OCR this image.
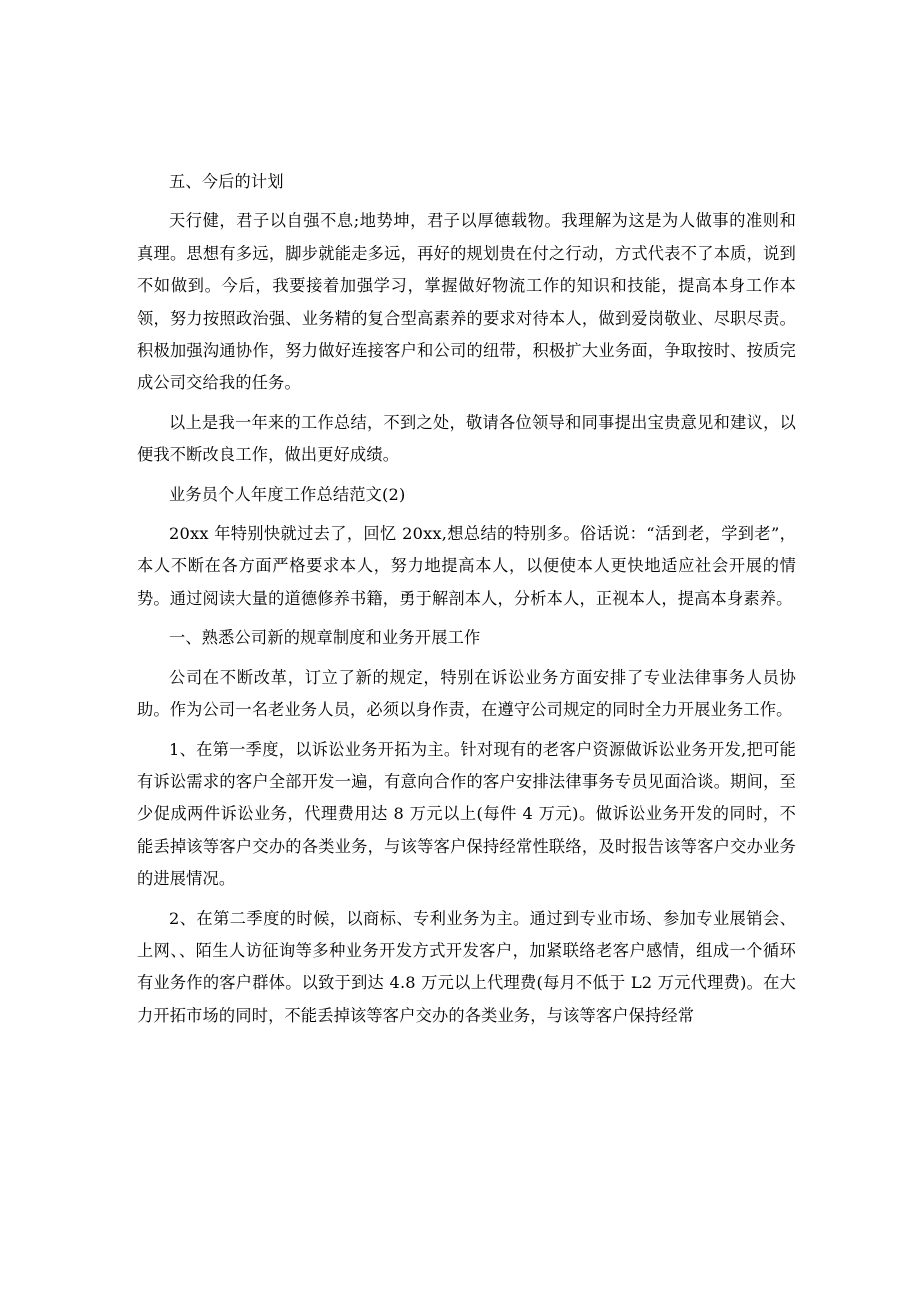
五、今后的计划

天行健，君子以自强不息;地势坤，君子以厚德载物。我理解为这是为人做事的准则和真理。思想有多远，脚步就能走多远，再好的规划贵在付之行动，方式代表不了本质，说到不如做到。今后，我要接着加强学习，掌握做好物流工作的知识和技能，提高本身工作本领，努力按照政治强、业务精的复合型高素养的要求对待本人，做到爱岗敬业、尽职尽责。积极加强沟通协作，努力做好连接客户和公司的纽带，积极扩大业务面，争取按时、按质完成公司交给我的任务。

以上是我一年来的工作总结，不到之处，敬请各位领导和同事提出宝贵意见和建议，以便我不断改良工作，做出更好成绩。

业务员个人年度工作总结范文(2)

20xx 年特别快就过去了，回忆 20xx,想总结的特别多。俗话说：“活到老，学到老”，本人不断在各方面严格要求本人，努力地提高本人，以便使本人更快地适应社会开展的情势。通过阅读大量的道德修养书籍，勇于解剖本人，分析本人，正视本人，提高本身素养。

一、熟悉公司新的规章制度和业务开展工作

公司在不断改革，订立了新的规定，特别在诉讼业务方面安排了专业法律事务人员协助。作为公司一名老业务人员，必须以身作责，在遵守公司规定的同时全力开展业务工作。

1、在第一季度，以诉讼业务开拓为主。针对现有的老客户资源做诉讼业务开发,把可能有诉讼需求的客户全部开发一遍，有意向合作的客户安排法律事务专员见面洽谈。期间，至少促成两件诉讼业务，代理费用达 8 万元以上(每件 4 万元)。做诉讼业务开发的同时，不能丢掉该等客户交办的各类业务，与该等客户保持经常性联络，及时报告该等客户交办业务的进展情况。

2、在第二季度的时候，以商标、专利业务为主。通过到专业市场、参加专业展销会、上网、、陌生人访征询等多种业务开发方式开发客户，加紧联络老客户感情，组成一个循环有业务作的客户群体。以致于到达 4.8 万元以上代理费(每月不低于 L2 万元代理费)。在大力开拓市场的同时，不能丢掉该等客户交办的各类业务，与该等客户保持经常
